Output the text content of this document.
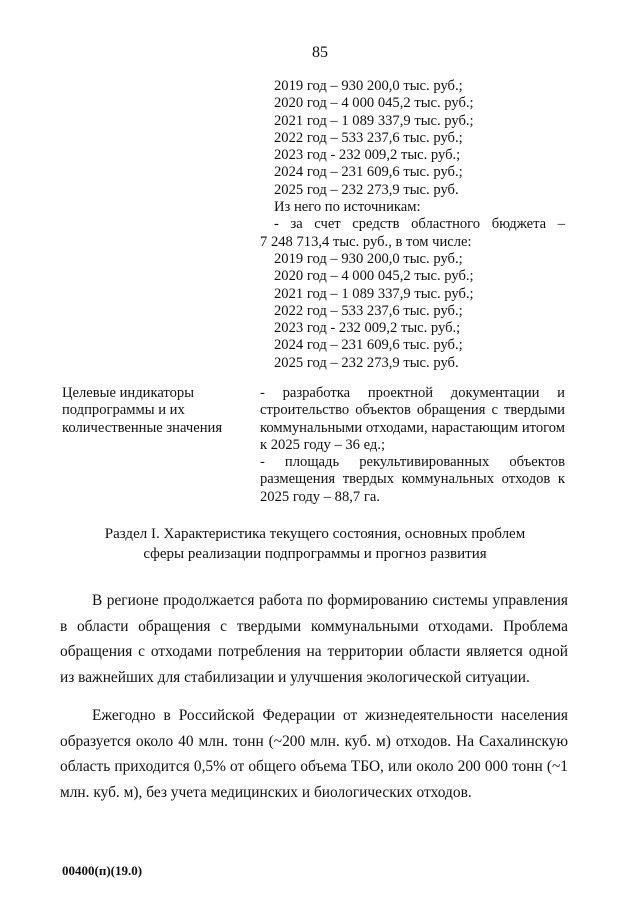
85
2019 год – 930 200,0 тыс. руб.;
2020 год – 4 000 045,2 тыс. руб.;
2021 год – 1 089 337,9 тыс. руб.;
2022 год – 533 237,6 тыс. руб.;
2023 год - 232 009,2 тыс. руб.;
2024 год – 231 609,6 тыс. руб.;
2025 год – 232 273,9 тыс. руб.
Из него по источникам:
- за счет средств областного бюджета –
7 248 713,4 тыс. руб., в том числе:
2019 год – 930 200,0 тыс. руб.;
2020 год – 4 000 045,2 тыс. руб.;
2021 год – 1 089 337,9 тыс. руб.;
2022 год – 533 237,6 тыс. руб.;
2023 год - 232 009,2 тыс. руб.;
2024 год – 231 609,6 тыс. руб.;
2025 год – 232 273,9 тыс. руб.
Целевые индикаторы подпрограммы и их количественные значения

- разработка проектной документации и строительство объектов обращения с твердыми коммунальными отходами, нарастающим итогом к 2025 году – 36 ед.;

- площадь рекультивированных объектов размещения твердых коммунальных отходов к 2025 году – 88,7 га.

Раздел I. Характеристика текущего состояния, основных проблем
сферы реализации подпрограммы и прогноз развития

В регионе продолжается работа по формированию системы управления в области обращения с твердыми коммунальными отходами. Проблема обращения с отходами потребления на территории области является одной из важнейших для стабилизации и улучшения экологической ситуации.

Ежегодно в Российской Федерации от жизнедеятельности населения образуется около 40 млн. тонн (~200 млн. куб. м) отходов. На Сахалинскую область приходится 0,5% от общего объема ТБО, или около 200 000 тонн (~1 млн. куб. м), без учета медицинских и биологических отходов.

00400(п)(19.0)
